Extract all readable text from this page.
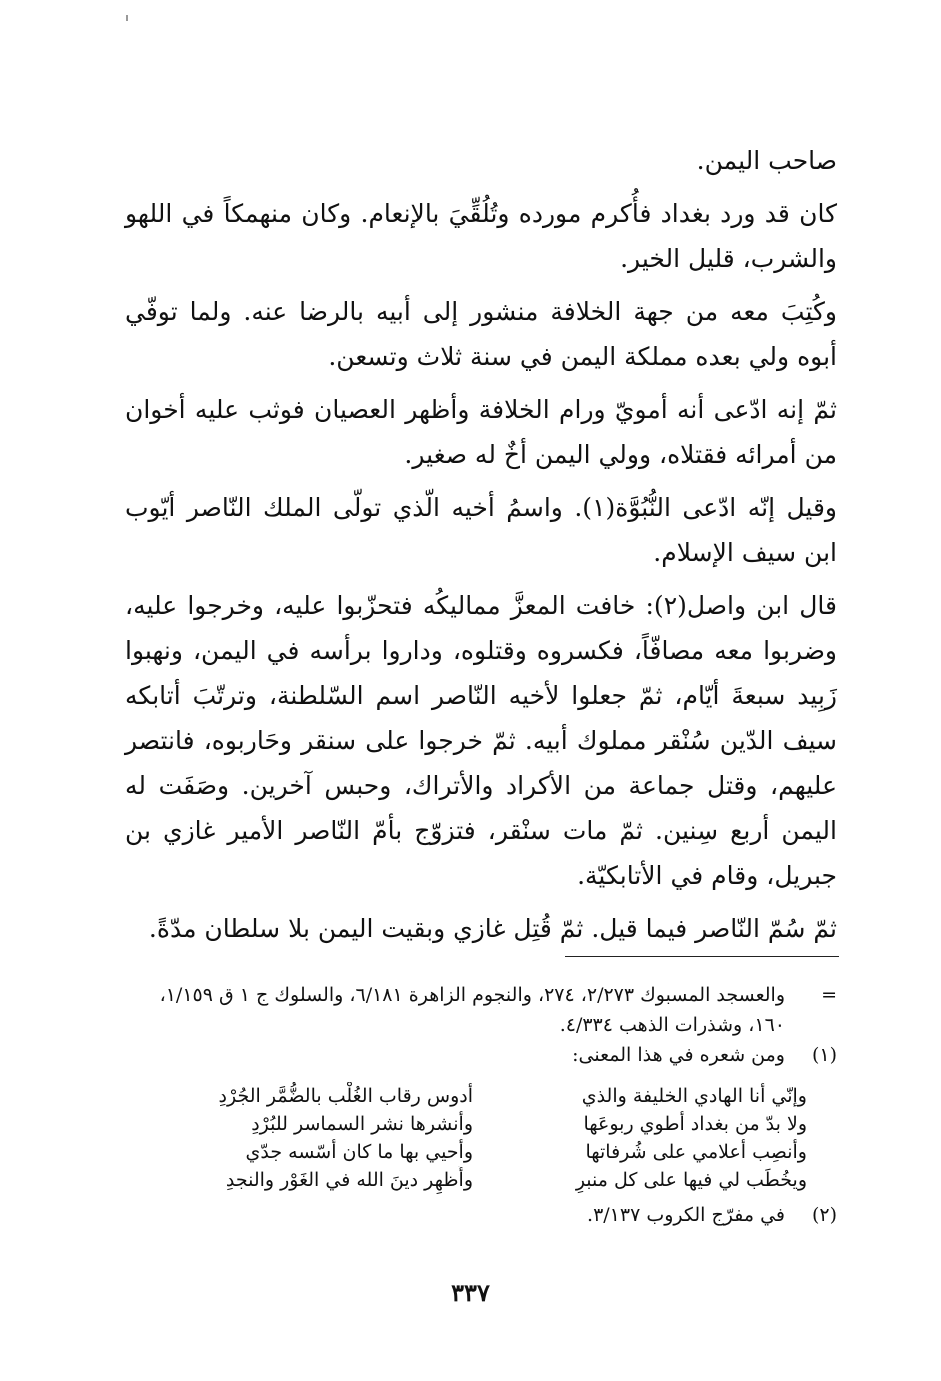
صاحب اليمن.

كان قد ورد بغداد فأُكرم مورده وتُلُقِّيَ بالإنعام. وكان منهمكاً في اللهو والشرب، قليل الخير.

وكُتِبَ معه من جهة الخلافة منشور إلى أبيه بالرضا عنه. ولما توفّي أبوه ولي بعده مملكة اليمن في سنة ثلاث وتسعن.

ثمّ إنه ادّعى أنه أمويّ ورام الخلافة وأظهر العصيان فوثب عليه أخوان من أمرائه فقتلاه، وولي اليمن أخٌ له صغير.

وقيل إنّه ادّعى النُّبُوَّة(١). واسمُ أخيه الّذي تولّى الملك النّاصر أيّوب ابن سيف الإسلام.

قال ابن واصل(٢): خافت المعزَّ مماليكُه فتحزّبوا عليه، وخرجوا عليه، وضربوا معه مصافّاً، فكسروه وقتلوه، وداروا برأسه في اليمن، ونهبوا زَبِيد سبعةَ أيّام، ثمّ جعلوا لأخيه النّاصر اسم السّلطنة، وترتّبَ أتابكه سيف الدّين سُنْقر مملوك أبيه. ثمّ خرجوا على سنقر وحَاربوه، فانتصر عليهم، وقتل جماعة من الأكراد والأتراك، وحبس آخرين. وصَفَت له اليمن أربع سِنين. ثمّ مات سنْقر، فتزوّج بأمّ النّاصر الأمير غازي بن جبريل، وقام في الأتابكيّة.

ثمّ سُمّ النّاصر فيما قيل. ثمّ قُتِل غازي وبقيت اليمن بلا سلطان مدّةً.

=
والعسجد المسبوك ٢/٢٧٣، ٢٧٤، والنجوم الزاهرة ٦/١٨١، والسلوك ج ١ ق ١/١٥٩، ١٦٠، وشذرات الذهب ٤/٣٣٤.
(١)
ومن شعره في هذا المعنى:
وإنّي أنا الهادي الخليفة والذي
أدوس رقاب الغُلْب بالضُّمَّر الجُرْدِ
ولا بدّ من بغداد أطوي ربوعَها
وأنشرها نشر السماسر للبُرْدِ
وأنصِب أعلامي على شُرفاتها
وأحيي بها ما كان أسّسه جدّي
ويخُطَب لي فيها على كل منبرِ
وأُظهِر دينَ الله في الغَوْر والنجدِ
(٢)
في مفرّج الكروب ٣/١٣٧.
٣٣٧
